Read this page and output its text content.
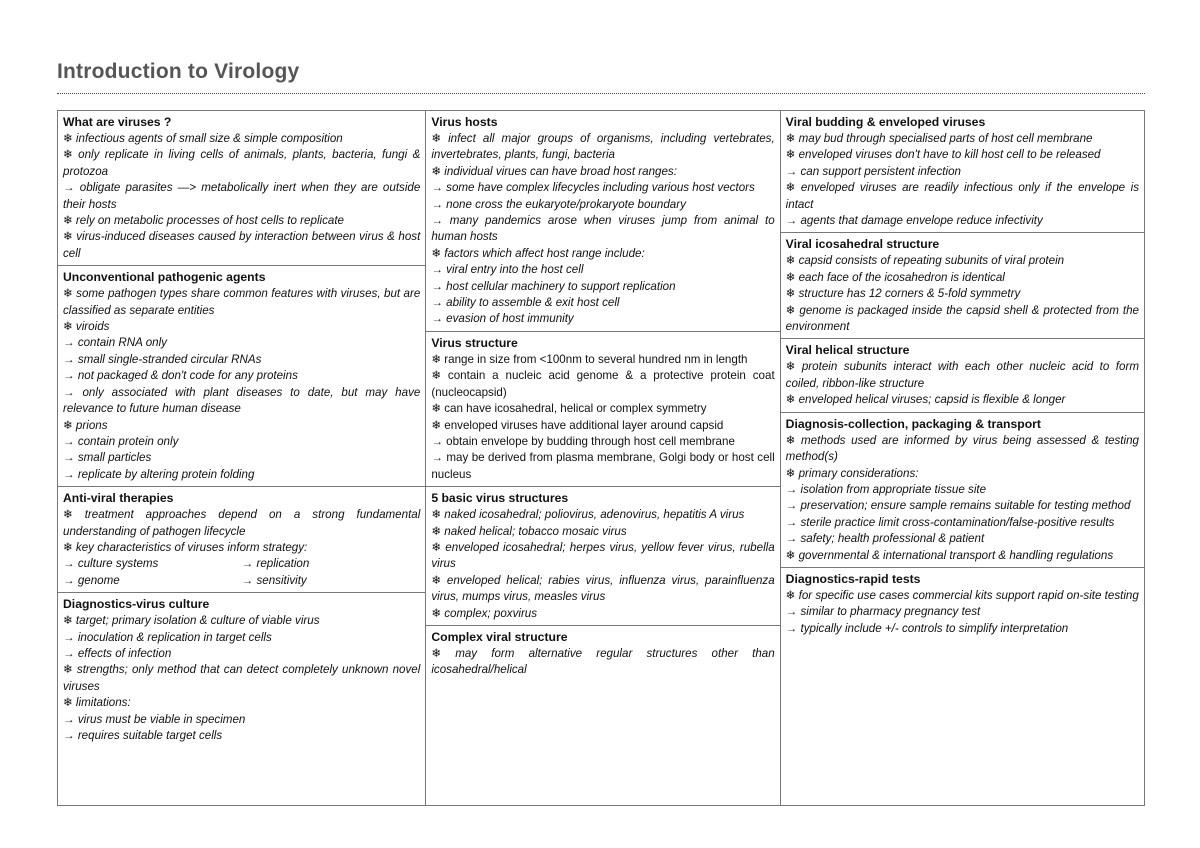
Introduction to Virology
What are viruses ?
❄ infectious agents of small size & simple composition
❄ only replicate in living cells of animals, plants, bacteria, fungi & protozoa
→ obligate parasites —> metabolically inert when they are outside their hosts
❄ rely on metabolic processes of host cells to replicate
❄ virus-induced diseases caused by interaction between virus & host cell
Unconventional pathogenic agents
❄ some pathogen types share common features with viruses, but are classified as separate entities
❄ viroids
→ contain RNA only
→ small single-stranded circular RNAs
→ not packaged & don't code for any proteins
→ only associated with plant diseases to date, but may have relevance to future human disease
❄ prions
→ contain protein only
→ small particles
→ replicate by altering protein folding
Anti-viral therapies
❄ treatment approaches depend on a strong fundamental understanding of pathogen lifecycle
❄ key characteristics of viruses inform strategy:
→ culture systems	→ replication
→ genome	→ sensitivity
Diagnostics-virus culture
❄ target; primary isolation & culture of viable virus
→ inoculation & replication in target cells
→ effects of infection
❄ strengths; only method that can detect completely unknown novel viruses
❄ limitations:
→ virus must be viable in specimen
→ requires suitable target cells
Virus hosts
❄ infect all major groups of organisms, including vertebrates, invertebrates, plants, fungi, bacteria
❄ individual virues can have broad host ranges:
→ some have complex lifecycles including various host vectors
→ none cross the eukaryote/prokaryote boundary
→ many pandemics arose when viruses jump from animal to human hosts
❄ factors which affect host range include:
→ viral entry into the host cell
→ host cellular machinery to support replication
→ ability to assemble & exit host cell
→ evasion of host immunity
Virus structure
❄ range in size from <100nm to several hundred nm in length
❄ contain a nucleic acid genome & a protective protein coat (nucleocapsid)
❄ can have icosahedral, helical or complex symmetry
❄ enveloped viruses have additional layer around capsid
→ obtain envelope by budding through host cell membrane
→ may be derived from plasma membrane, Golgi body or host cell nucleus
5 basic virus structures
❄ naked icosahedral; poliovirus, adenovirus, hepatitis A virus
❄ naked helical; tobacco mosaic virus
❄ enveloped icosahedral; herpes virus, yellow fever virus, rubella virus
❄ enveloped helical; rabies virus, influenza virus, parainfluenza virus, mumps virus, measles virus
❄ complex; poxvirus
Complex viral structure
❄ may form alternative regular structures other than icosahedral/helical
Viral budding & enveloped viruses
❄ may bud through specialised parts of host cell membrane
❄ enveloped viruses don't have to kill host cell to be released
→ can support persistent infection
❄ enveloped viruses are readily infectious only if the envelope is intact
→ agents that damage envelope reduce infectivity
Viral icosahedral structure
❄ capsid consists of repeating subunits of viral protein
❄ each face of the icosahedron is identical
❄ structure has 12 corners & 5-fold symmetry
❄ genome is packaged inside the capsid shell & protected from the environment
Viral helical structure
❄ protein subunits interact with each other nucleic acid to form coiled, ribbon-like structure
❄ enveloped helical viruses; capsid is flexible & longer
Diagnosis-collection, packaging & transport
❄ methods used are informed by virus being assessed & testing method(s)
❄ primary considerations:
→ isolation from appropriate tissue site
→ preservation; ensure sample remains suitable for testing method
→ sterile practice limit cross-contamination/false-positive results
→ safety; health professional & patient
❄ governmental & international transport & handling regulations
Diagnostics-rapid tests
❄ for specific use cases commercial kits support rapid on-site testing
→ similar to pharmacy pregnancy test
→ typically include +/- controls to simplify interpretation
